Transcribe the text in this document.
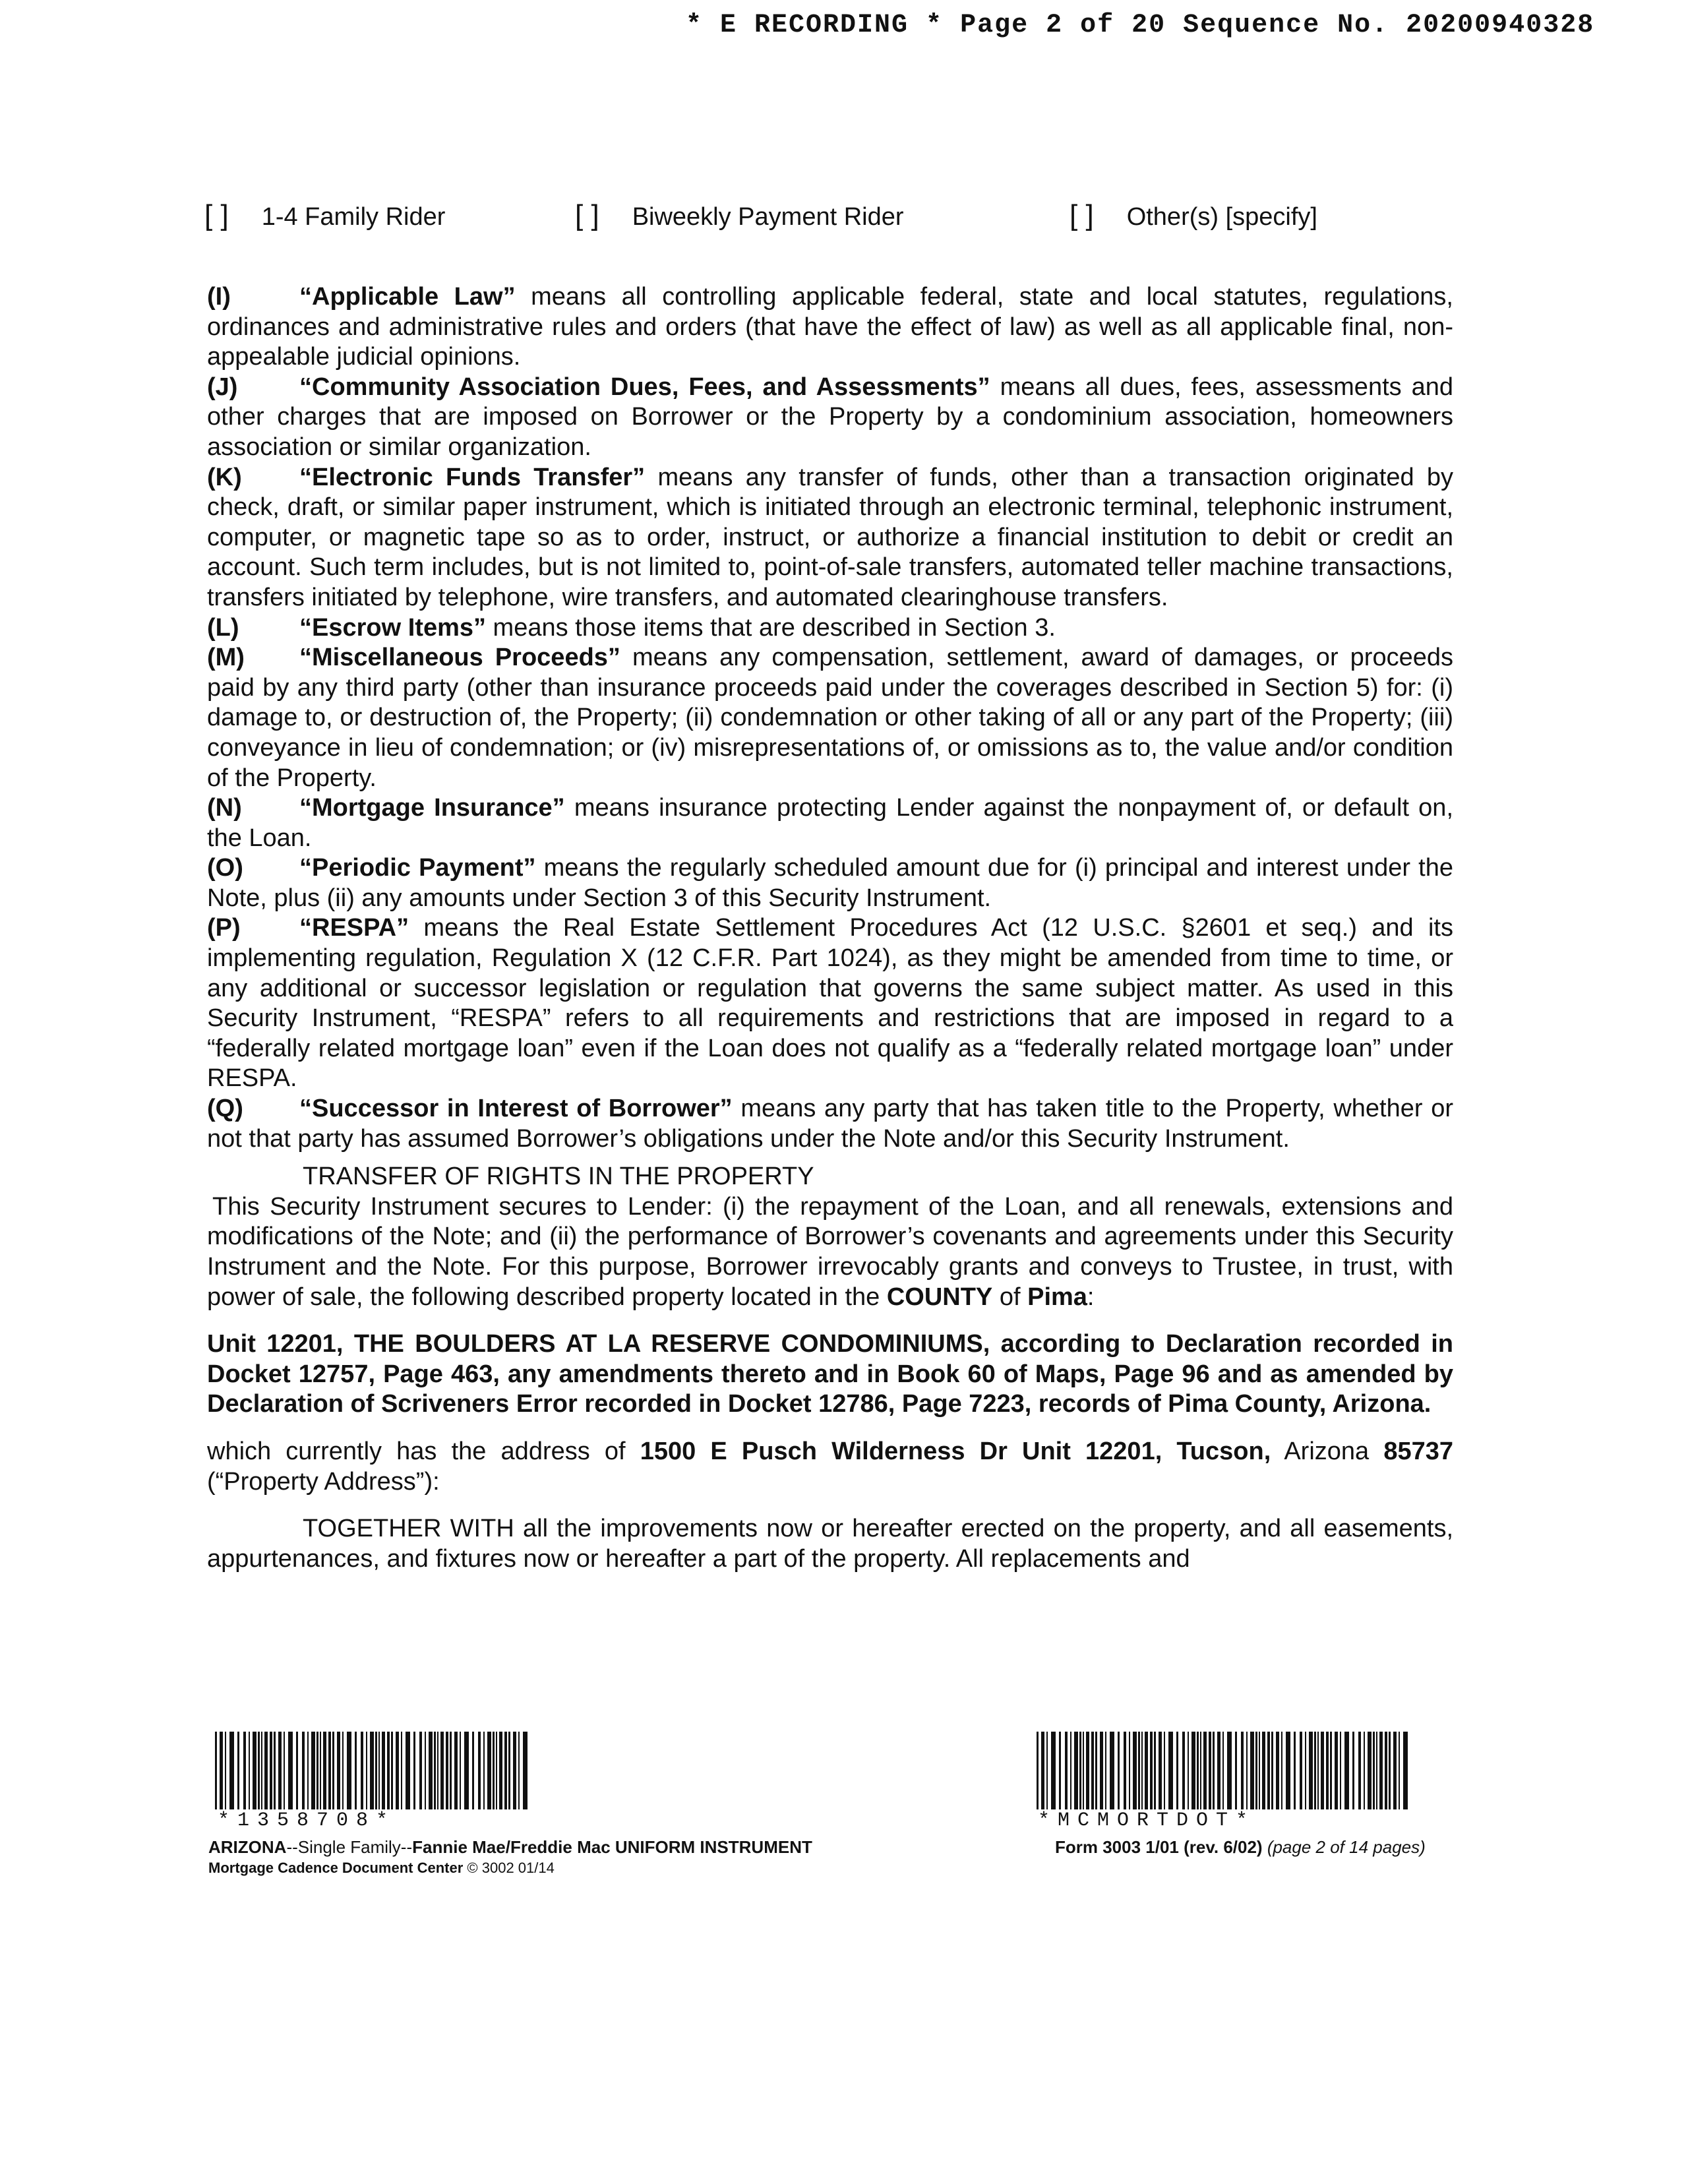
* E RECORDING * Page 2 of 20 Sequence No. 20200940328
[ ] 1-4 Family Rider	[ ] Biweekly Payment Rider	[ ] Other(s) [specify]

(I)	“Applicable Law” means all controlling applicable federal, state and local statutes, regulations, ordinances and administrative rules and orders (that have the effect of law) as well as all applicable final, non-appealable judicial opinions.

(J) “Community Association Dues, Fees, and Assessments” means all dues, fees, assessments and other charges that are imposed on Borrower or the Property by a condominium association, homeowners association or similar organization.

(K) “Electronic Funds Transfer” means any transfer of funds, other than a transaction originated by check, draft, or similar paper instrument, which is initiated through an electronic terminal, telephonic instrument, computer, or magnetic tape so as to order, instruct, or authorize a financial institution to debit or credit an account. Such term includes, but is not limited to, point-of-sale transfers, automated teller machine transactions, transfers initiated by telephone, wire transfers, and automated clearinghouse transfers.

(L) “Escrow Items” means those items that are described in Section 3.

(M) “Miscellaneous Proceeds” means any compensation, settlement, award of damages, or proceeds paid by any third party (other than insurance proceeds paid under the coverages described in Section 5) for: (i) damage to, or destruction of, the Property; (ii) condemnation or other taking of all or any part of the Property; (iii) conveyance in lieu of condemnation; or (iv) misrepresentations of, or omissions as to, the value and/or condition of the Property.

(N) “Mortgage Insurance” means insurance protecting Lender against the nonpayment of, or default on, the Loan.

(O) “Periodic Payment” means the regularly scheduled amount due for (i) principal and interest under the Note, plus (ii) any amounts under Section 3 of this Security Instrument.

(P) “RESPA” means the Real Estate Settlement Procedures Act (12 U.S.C. §2601 et seq.) and its implementing regulation, Regulation X (12 C.F.R. Part 1024), as they might be amended from time to time, or any additional or successor legislation or regulation that governs the same subject matter. As used in this Security Instrument, “RESPA” refers to all requirements and restrictions that are imposed in regard to a “federally related mortgage loan” even if the Loan does not qualify as a “federally related mortgage loan” under RESPA.

(Q) “Successor in Interest of Borrower” means any party that has taken title to the Property, whether or not that party has assumed Borrower’s obligations under the Note and/or this Security Instrument.

TRANSFER OF RIGHTS IN THE PROPERTY

This Security Instrument secures to Lender: (i) the repayment of the Loan, and all renewals, extensions and modifications of the Note; and (ii) the performance of Borrower’s covenants and agreements under this Security Instrument and the Note. For this purpose, Borrower irrevocably grants and conveys to Trustee, in trust, with power of sale, the following described property located in the COUNTY of Pima:

Unit 12201, THE BOULDERS AT LA RESERVE CONDOMINIUMS, according to Declaration recorded in Docket 12757, Page 463, any amendments thereto and in Book 60 of Maps, Page 96 and as amended by Declaration of Scriveners Error recorded in Docket 12786, Page 7223, records of Pima County, Arizona.

which currently has the address of 1500 E Pusch Wilderness Dr Unit 12201, Tucson, Arizona 85737 (“Property Address”):

TOGETHER WITH all the improvements now or hereafter erected on the property, and all easements, appurtenances, and fixtures now or hereafter a part of the property. All replacements and

*1358708*	*MCMORTDOT*
ARIZONA--Single Family--Fannie Mae/Freddie Mac UNIFORM INSTRUMENT
Mortgage Cadence Document Center © 3002 01/14
Form 3003 1/01 (rev. 6/02) (page 2 of 14 pages)
